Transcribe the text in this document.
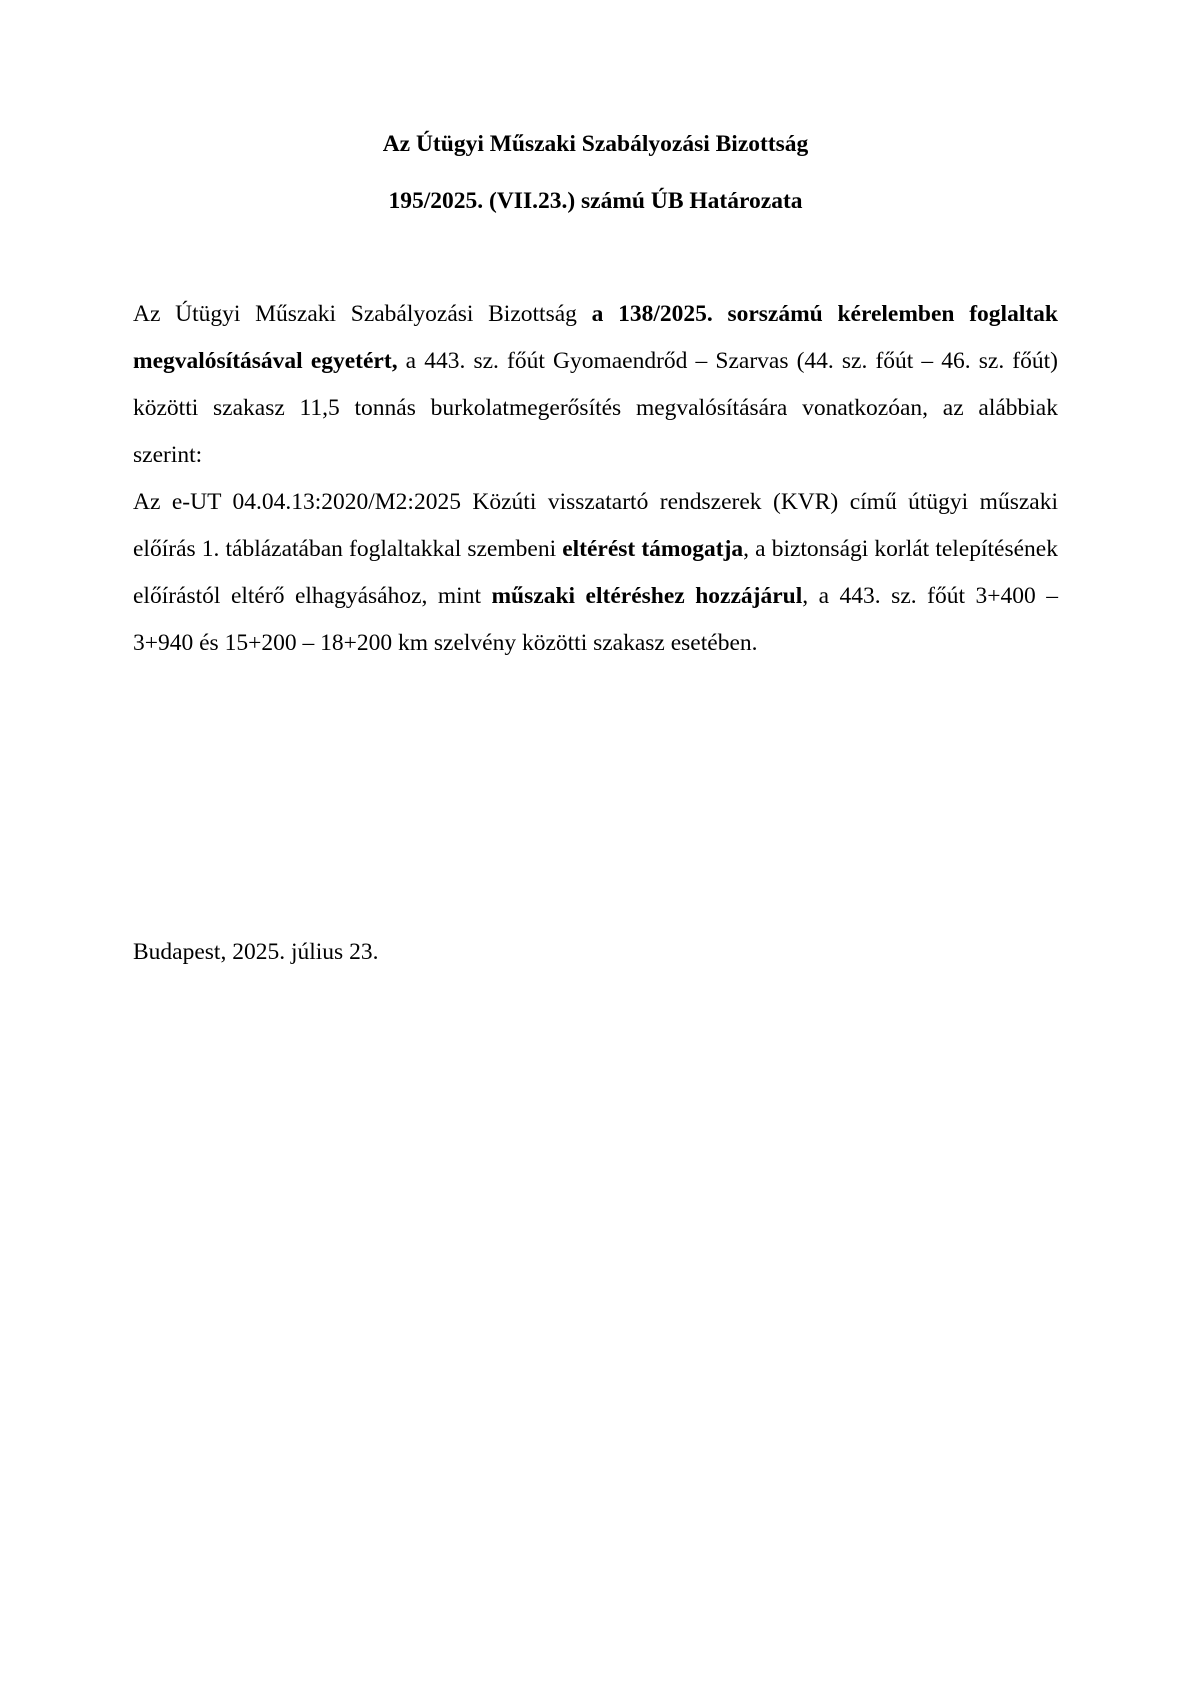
Az Útügyi Műszaki Szabályozási Bizottság
195/2025. (VII.23.) számú ÚB Határozata

Az Útügyi Műszaki Szabályozási Bizottság a 138/2025. sorszámú kérelemben foglaltak megvalósításával egyetért, a 443. sz. főút Gyomaendrőd – Szarvas (44. sz. főút – 46. sz. főút) közötti szakasz 11,5 tonnás burkolatmegerősítés megvalósítására vonatkozóan, az alábbiak szerint:

Az e-UT 04.04.13:2020/M2:2025 Közúti visszatartó rendszerek (KVR) című útügyi műszaki előírás 1. táblázatában foglaltakkal szembeni eltérést támogatja, a biztonsági korlát telepítésének előírástól eltérő elhagyásához, mint műszaki eltéréshez hozzájárul, a 443. sz. főút 3+400 – 3+940 és 15+200 – 18+200 km szelvény közötti szakasz esetében.

Budapest, 2025. július 23.
